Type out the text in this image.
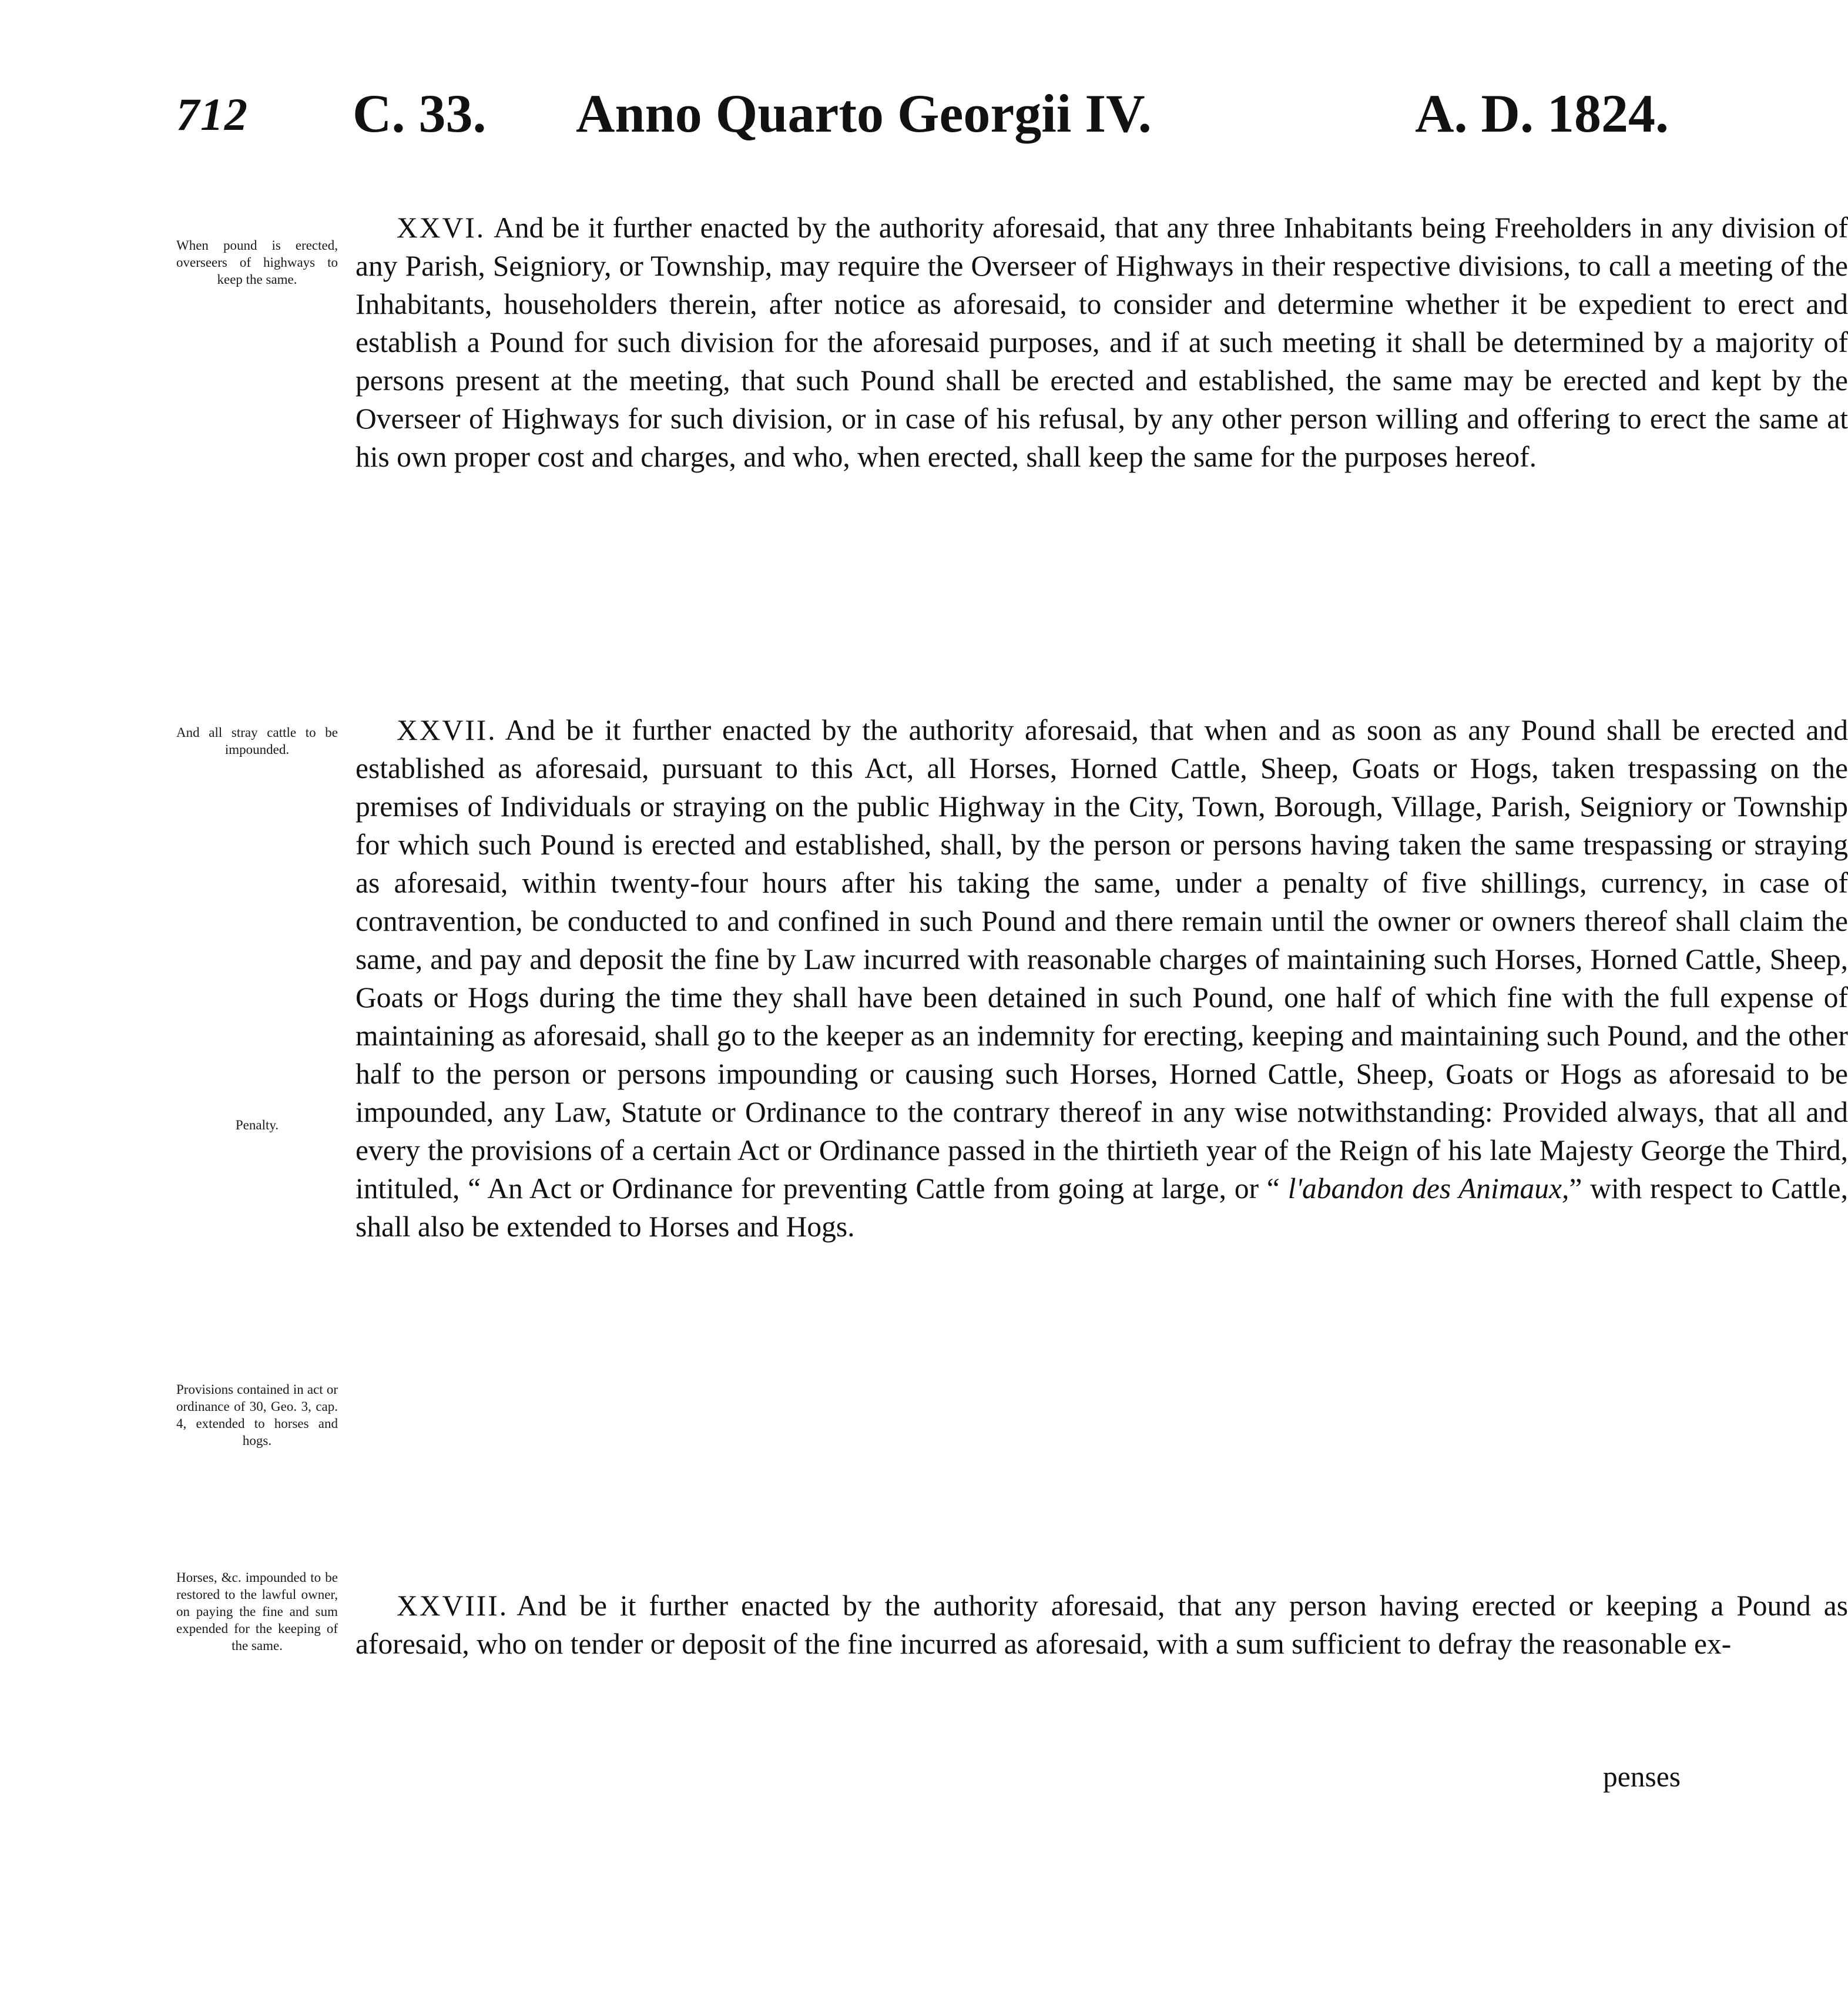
712 C. 33. Anno Quarto Georgii IV.	A. D. 1824.
When pound is erected, overseers of highways to keep the same.
XXVI. And be it further enacted by the authority aforesaid, that any three Inhabitants being Freeholders in any division of any Parish, Seigniory, or Township, may require the Overseer of Highways in their respective divisions, to call a meeting of the Inhabitants, householders therein, after notice as aforesaid, to consider and determine whether it be expedient to erect and establish a Pound for such division for the aforesaid purposes, and if at such meeting it shall be determined by a majority of persons present at the meeting, that such Pound shall be erected and established, the same may be erected and kept by the Overseer of Highways for such division, or in case of his refusal, by any other person willing and offering to erect the same at his own proper cost and charges, and who, when erected, shall keep the same for the purposes hereof.
And all stray cattle to be impounded.
Penalty.
Provisions contained in act or ordinance of 30, Geo. 3, cap. 4, extended to horses and hogs.
XXVII. And be it further enacted by the authority aforesaid, that when and as soon as any Pound shall be erected and established as aforesaid, pursuant to this Act, all Horses, Horned Cattle, Sheep, Goats or Hogs, taken trespassing on the premises of Individuals or straying on the public Highway in the City, Town, Borough, Village, Parish, Seigniory or Township for which such Pound is erected and established, shall, by the person or persons having taken the same trespassing or straying as aforesaid, within twenty-four hours after his taking the same, under a penalty of five shillings, currency, in case of contravention, be conducted to and confined in such Pound and there remain until the owner or owners thereof shall claim the same, and pay and deposit the fine by Law incurred with reasonable charges of maintaining such Horses, Horned Cattle, Sheep, Goats or Hogs during the time they shall have been detained in such Pound, one half of which fine with the full expense of maintaining as aforesaid, shall go to the keeper as an indemnity for erecting, keeping and maintaining such Pound, and the other half to the person or persons impounding or causing such Horses, Horned Cattle, Sheep, Goats or Hogs as aforesaid to be impounded, any Law, Statute or Ordinance to the contrary thereof in any wise notwithstanding: Provided always, that all and every the provisions of a certain Act or Ordinance passed in the thirtieth year of the Reign of his late Majesty George the Third, intituled, “ An Act or Ordinance for preventing Cattle from going at large, or “ l'abandon des Animaux,” with respect to Cattle, shall also be extended to Horses and Hogs.
Horses, &c. impounded to be restored to the lawful owner, on paying the fine and sum expended for the keeping of the same.
XXVIII. And be it further enacted by the authority aforesaid, that any person having erected or keeping a Pound as aforesaid, who on tender or deposit of the fine incurred as aforesaid, with a sum sufficient to defray the reasonable ex-
penses
